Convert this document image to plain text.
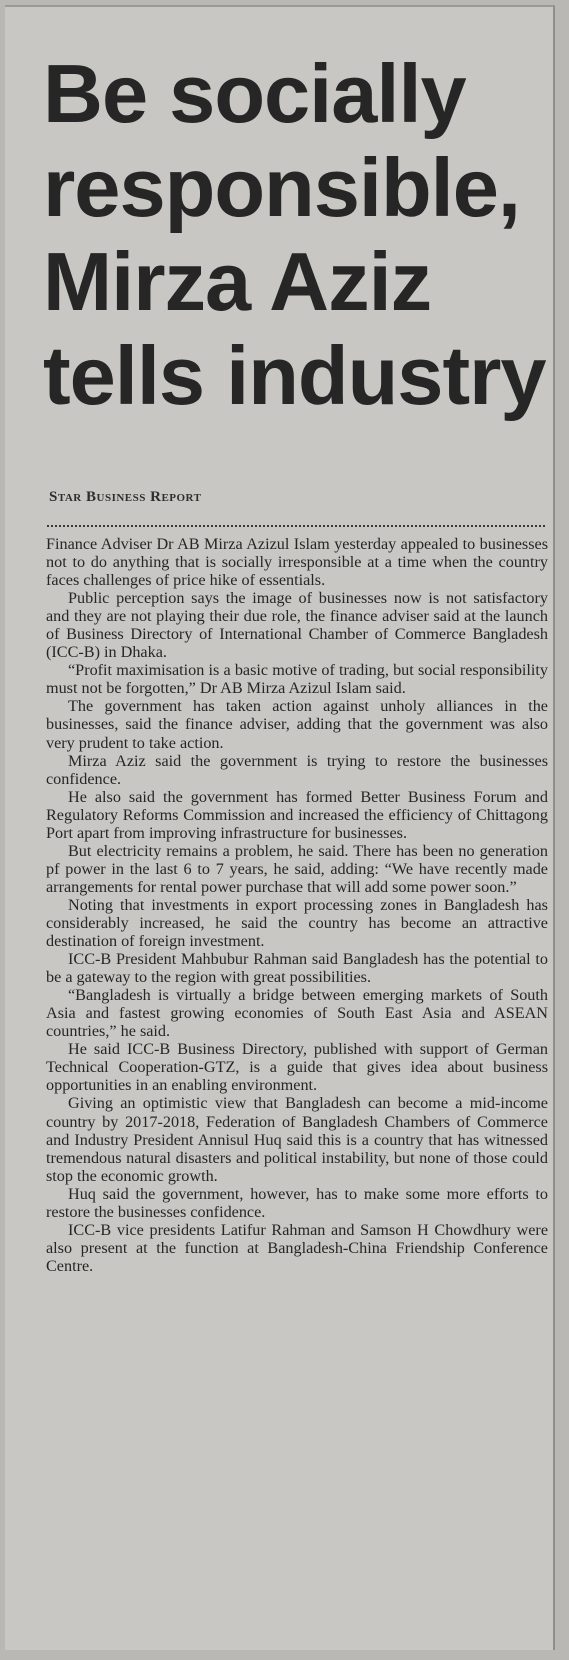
Be socially
responsible,
Mirza Aziz
tells industry
Star Business Report

Finance Adviser Dr AB Mirza Azizul Islam yesterday appealed to businesses not to do anything that is socially irresponsible at a time when the country faces challenges of price hike of essentials.

Public perception says the image of businesses now is not satisfactory and they are not playing their due role, the finance adviser said at the launch of Business Directory of International Chamber of Commerce Bangladesh (ICC-B) in Dhaka.

“Profit maximisation is a basic motive of trading, but social responsibility must not be forgotten,” Dr AB Mirza Azizul Islam said.

The government has taken action against unholy alliances in the businesses, said the finance adviser, adding that the government was also very prudent to take action.

Mirza Aziz said the government is trying to restore the businesses confidence.

He also said the government has formed Better Business Forum and Regulatory Reforms Commission and increased the efficiency of Chittagong Port apart from improving infrastructure for businesses.

But electricity remains a problem, he said. There has been no generation pf power in the last 6 to 7 years, he said, adding: “We have recently made arrangements for rental power purchase that will add some power soon.”

Noting that investments in export processing zones in Bangladesh has considerably increased, he said the country has become an attractive destination of foreign investment.

ICC-B President Mahbubur Rahman said Bangladesh has the potential to be a gateway to the region with great possibilities.

“Bangladesh is virtually a bridge between emerging markets of South Asia and fastest growing economies of South East Asia and ASEAN countries,” he said.

He said ICC-B Business Directory, published with support of German Technical Cooperation-GTZ, is a guide that gives idea about business opportunities in an enabling environment.

Giving an optimistic view that Bangladesh can become a mid-income country by 2017-2018, Federation of Bangladesh Chambers of Commerce and Industry President Annisul Huq said this is a country that has witnessed tremendous natural disasters and political instability, but none of those could stop the economic growth.

Huq said the government, however, has to make some more efforts to restore the businesses confidence.

ICC-B vice presidents Latifur Rahman and Samson H Chowdhury were also present at the function at Bangladesh-China Friendship Conference Centre.
